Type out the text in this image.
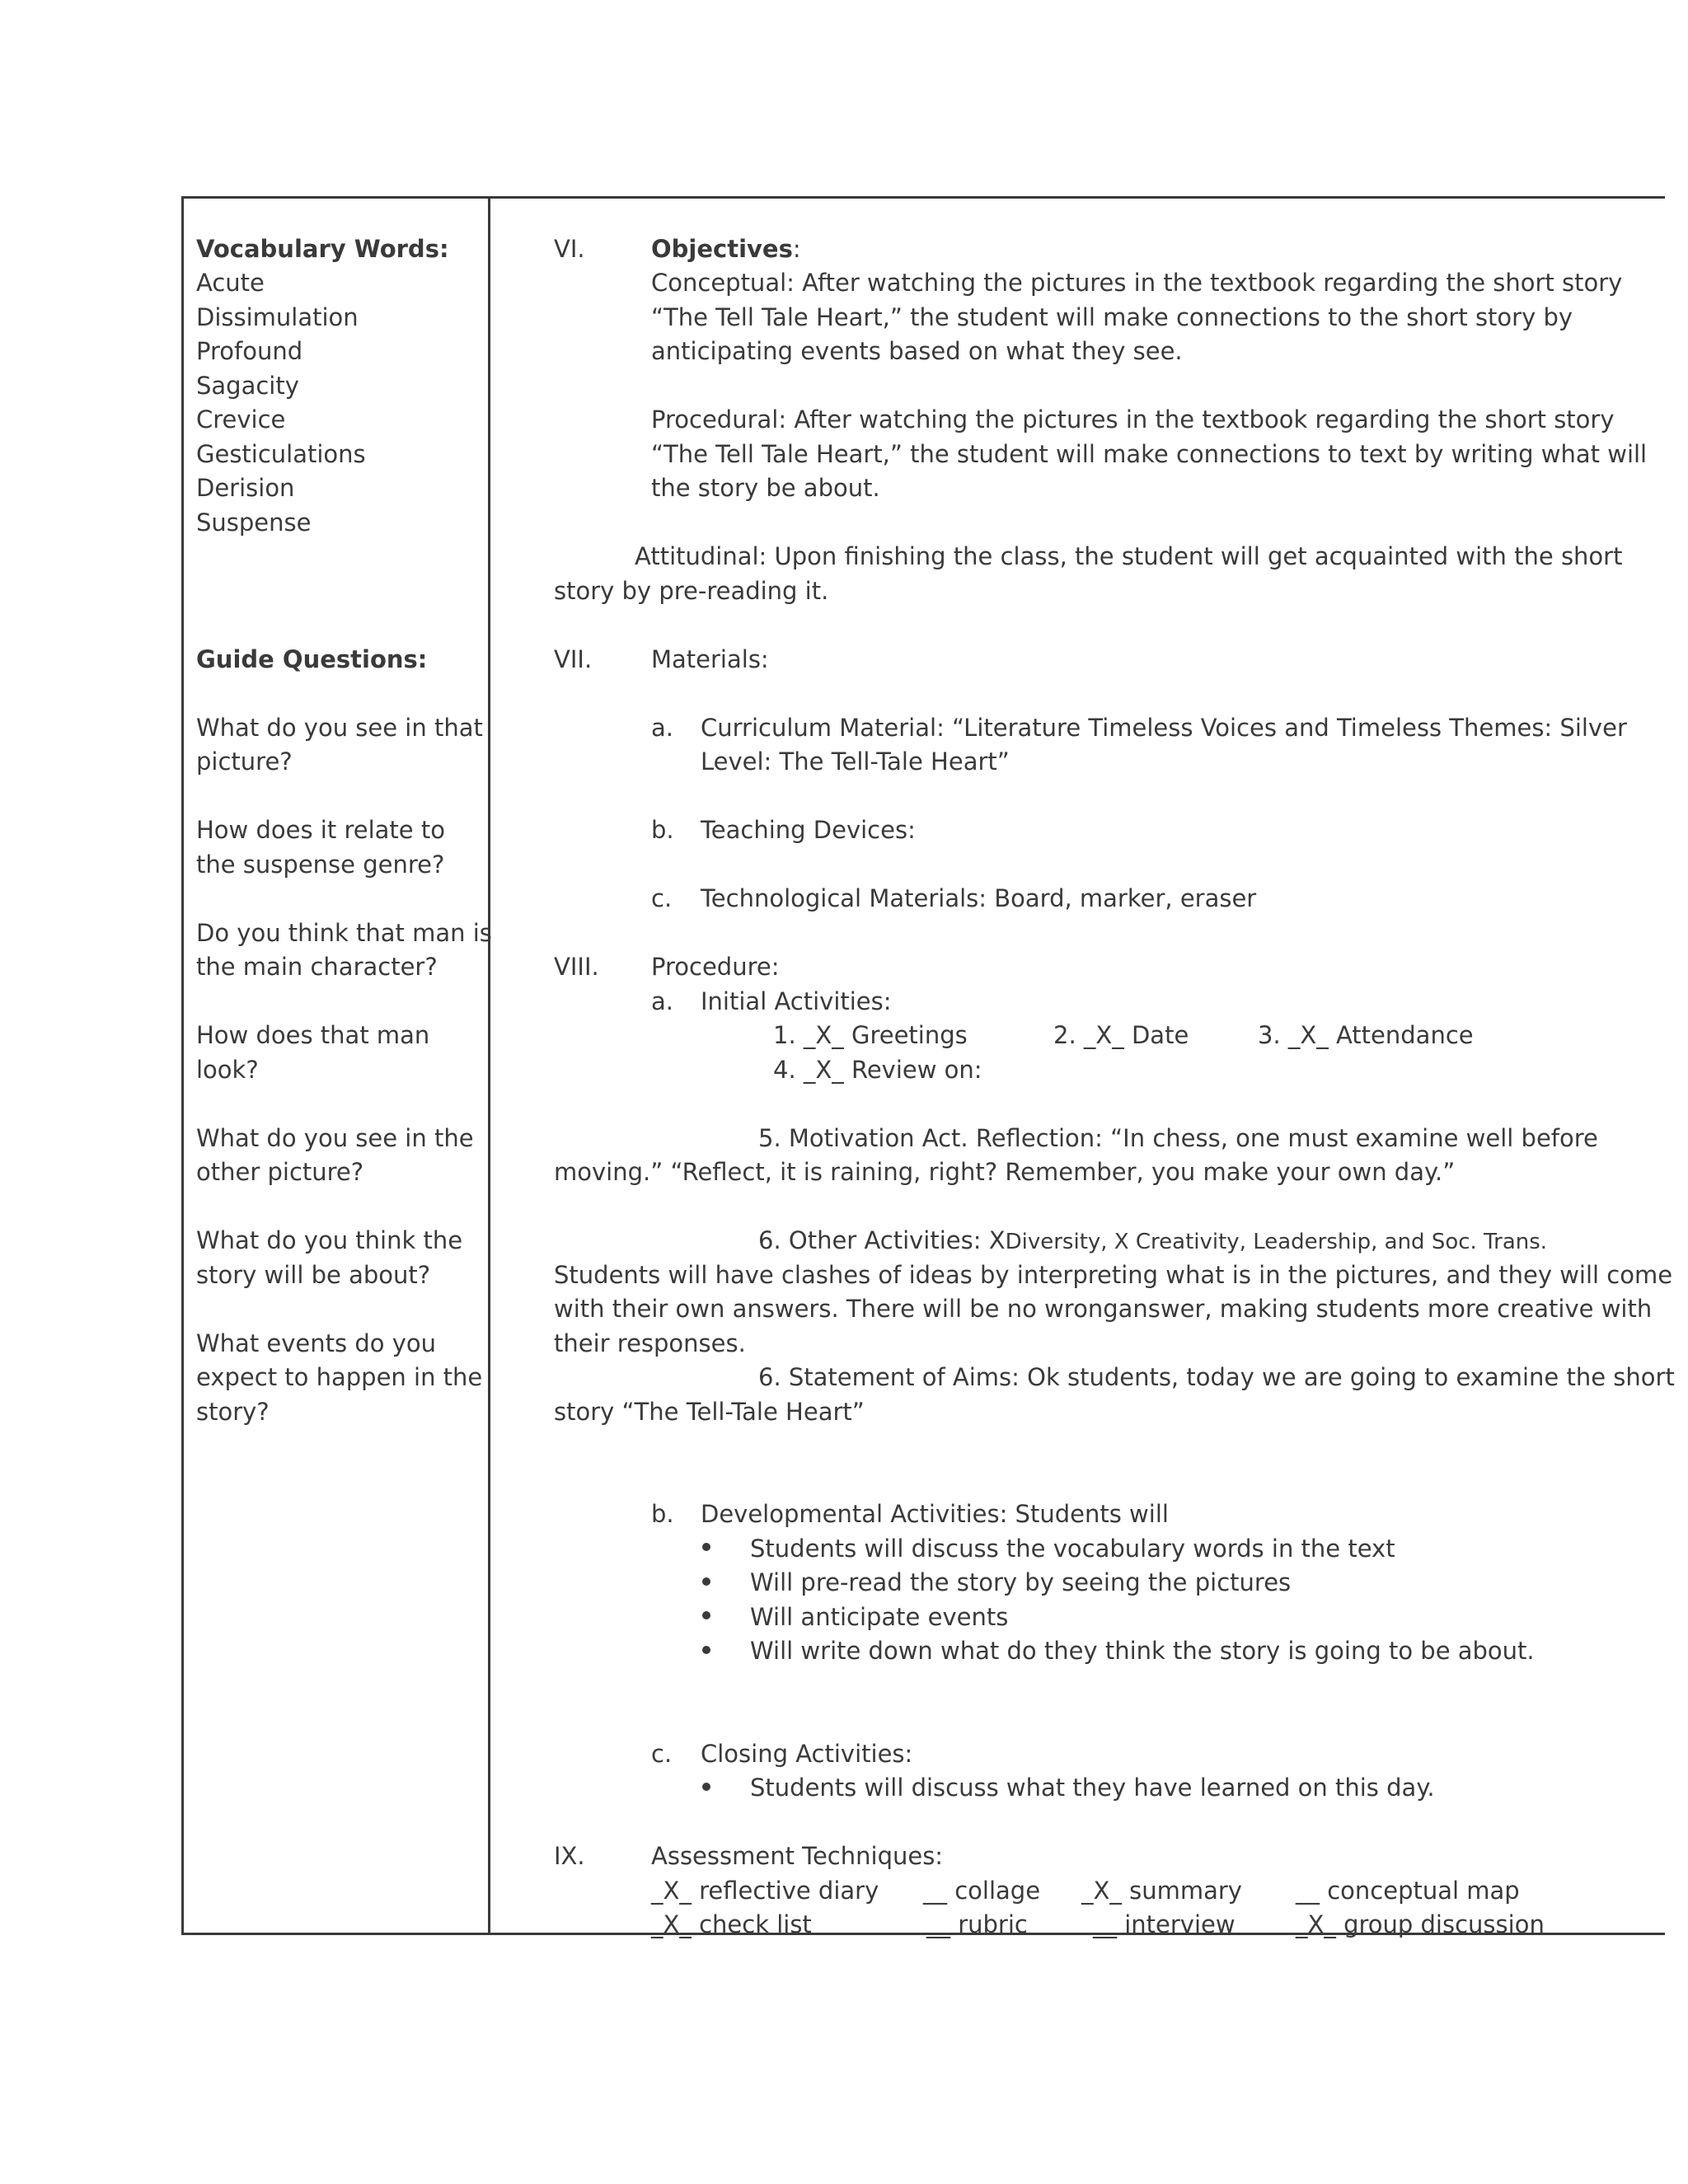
Vocabulary Words:
Acute
Dissimulation
Profound
Sagacity
Crevice
Gesticulations
Derision
Suspense
Guide Questions:
What do you see in that
picture?
How does it relate to
the suspense genre?
Do you think that man is
the main character?
How does that man
look?
What do you see in the
other picture?
What do you think the
story will be about?
What events do you
expect to happen in the
story?
VI.	Objectives:
Conceptual: After watching the pictures in the textbook regarding the short story
“The Tell Tale Heart,” the student will make connections to the short story by
anticipating events based on what they see.
Procedural: After watching the pictures in the textbook regarding the short story
“The Tell Tale Heart,” the student will make connections to text by writing what will
the story be about.
Attitudinal: Upon finishing the class, the student will get acquainted with the short
story by pre-reading it.
VII. Materials:
a. Curriculum Material: “Literature Timeless Voices and Timeless Themes: Silver
Level: The Tell-Tale Heart”
b. Teaching Devices:
c. Technological Materials: Board, marker, eraser
VIII. Procedure:
a. Initial Activities:
1. _X_ Greetings	2. _X_ Date	3. _X_ Attendance
4. _X_ Review on:
5. Motivation Act. Reflection: “In chess, one must examine well before
moving.” “Reflect, it is raining, right? Remember, you make your own day.”
6. Other Activities: XDiversity, X Creativity, Leadership, and Soc. Trans.
Students will have clashes of ideas by interpreting what is in the pictures, and they will come
with their own answers. There will be no wronganswer, making students more creative with
their responses.
6. Statement of Aims: Ok students, today we are going to examine the short
story “The Tell-Tale Heart”
b. Developmental Activities: Students will
Students will discuss the vocabulary words in the text
Will pre-read the story by seeing the pictures
Will anticipate events
Will write down what do they think the story is going to be about.
c. Closing Activities:
Students will discuss what they have learned on this day.
IX.	Assessment Techniques:
_X_ reflective diary __ collage _X_ summary __ conceptual map
_X_ check list	__ rubric	__ interview	_X_ group discussion
